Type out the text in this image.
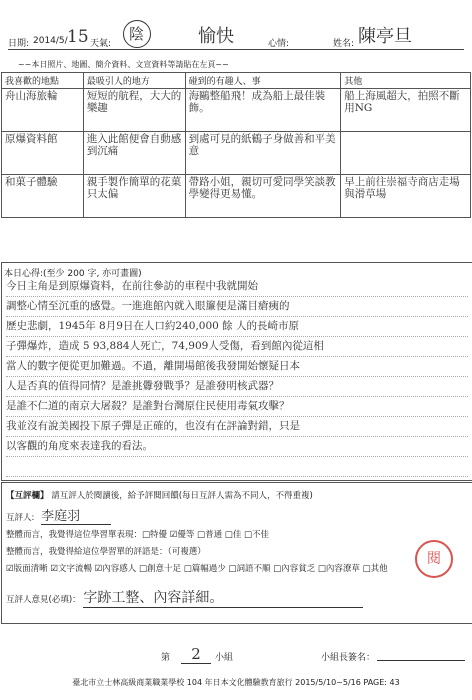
日期: 2014/5/ 15 天氣:
陰	愉快	心情:	姓名: 陳亭旦
~~本日照片、地圖、簡介資料、文宣資料等請貼在左頁~~
我喜歡的地點	最吸引人的地方	碰到的有趣人、事	其他

舟山海旅輪	短短的航程，大大的樂趣	海鷗整船飛！成為船上最佳裝飾。	船上海風超大，拍照不斷用NG

原爆資料館	進入此館便會自動感到沉痛	到處可見的紙鶴子身做善和平美意	

和菓子體驗	親手製作簡單的花菓只太偏	帶路小姐，親切可愛同學笑談教學變得更易懂。	早上前往崇福寺商店走場與滑草場
本日心得:(至少 200 字, 亦可畫圖)
今日主角是到原爆資料，在前往參訪的車程中我就開始
調整心情至沉重的感覺。一進進館內就入眼簾便是滿目瘡痍的
歷史悲劇，1945年 8月9日在人口約240,000 餘 人的長崎市原
子彈爆炸，造成 5 93,884人死亡，74,909人受傷，看到館內從這相
當人的數字便從更加難過。不過，離開場館後我發開始懷疑日本
人是否真的值得同情？是誰挑釁發戰爭？是誰發明核武器？
是誰不仁道的南京大屠殺？是誰對台灣原住民使用毒氣攻擊？
我並沒有說美國投下原子彈是正確的，也沒有在評論對錯，只是
以客觀的角度來表達我的看法。
【互評欄】 請互評人於閱讀後，給予評閱回饋(每日互評人需為不同人，不得重複)
互評人: 李庭羽
整體而言，我覺得這位學習單表現：□特優 ☑優等 □普通 □佳 □不佳
整體而言，我覺得給這位學習單的評語是：（可複選）
☑版面清晰 ☑文字流暢 ☑內容感人 □創意十足 □篇幅過少 □詞語不順 □內容貧乏 □內容潦草 □其他
互評人意見(必填)： 字跡工整、內容詳細。
閱
第	2	小組	小組長簽名：
臺北市立士林高級商業職業學校 104 年日本文化體驗教育旅行 2015/5/10~5/16 PAGE: 43
